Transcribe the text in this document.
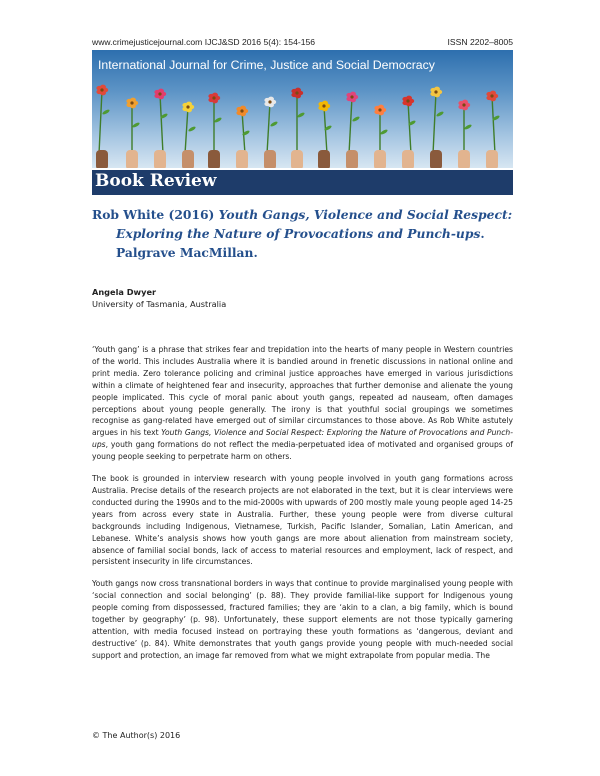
www.crimejusticejournal.com IJCJ&SD 2016 5(4): 154-156	ISSN 2202–8005
International Journal for Crime, Justice and Social Democracy
Book Review
Rob White (2016) Youth Gangs, Violence and Social Respect:
Exploring the Nature of Provocations and Punch-ups.
Palgrave MacMillan.
Angela Dwyer
University of Tasmania, Australia

‘Youth gang’ is a phrase that strikes fear and trepidation into the hearts of many people in Western countries of the world. This includes Australia where it is bandied around in frenetic discussions in national online and print media. Zero tolerance policing and criminal justice approaches have emerged in various jurisdictions within a climate of heightened fear and insecurity, approaches that further demonise and alienate the young people implicated. This cycle of moral panic about youth gangs, repeated ad nauseam, often damages perceptions about young people generally. The irony is that youthful social groupings we sometimes recognise as gang-related have emerged out of similar circumstances to those above. As Rob White astutely argues in his text Youth Gangs, Violence and Social Respect: Exploring the Nature of Provocations and Punch-ups, youth gang formations do not reflect the media-perpetuated idea of motivated and organised groups of young people seeking to perpetrate harm on others.

The book is grounded in interview research with young people involved in youth gang formations across Australia. Precise details of the research projects are not elaborated in the text, but it is clear interviews were conducted during the 1990s and to the mid-2000s with upwards of 200 mostly male young people aged 14-25 years from across every state in Australia. Further, these young people were from diverse cultural backgrounds including Indigenous, Vietnamese, Turkish, Pacific Islander, Somalian, Latin American, and Lebanese. White’s analysis shows how youth gangs are more about alienation from mainstream society, absence of familial social bonds, lack of access to material resources and employment, lack of respect, and persistent insecurity in life circumstances.

Youth gangs now cross transnational borders in ways that continue to provide marginalised young people with ‘social connection and social belonging’ (p. 88). They provide familial-like support for Indigenous young people coming from dispossessed, fractured families; they are ‘akin to a clan, a big family, which is bound together by geography’ (p. 98). Unfortunately, these support elements are not those typically garnering attention, with media focused instead on portraying these youth formations as ‘dangerous, deviant and destructive’ (p. 84). White demonstrates that youth gangs provide young people with much-needed social support and protection, an image far removed from what we might extrapolate from popular media. The

© The Author(s) 2016
